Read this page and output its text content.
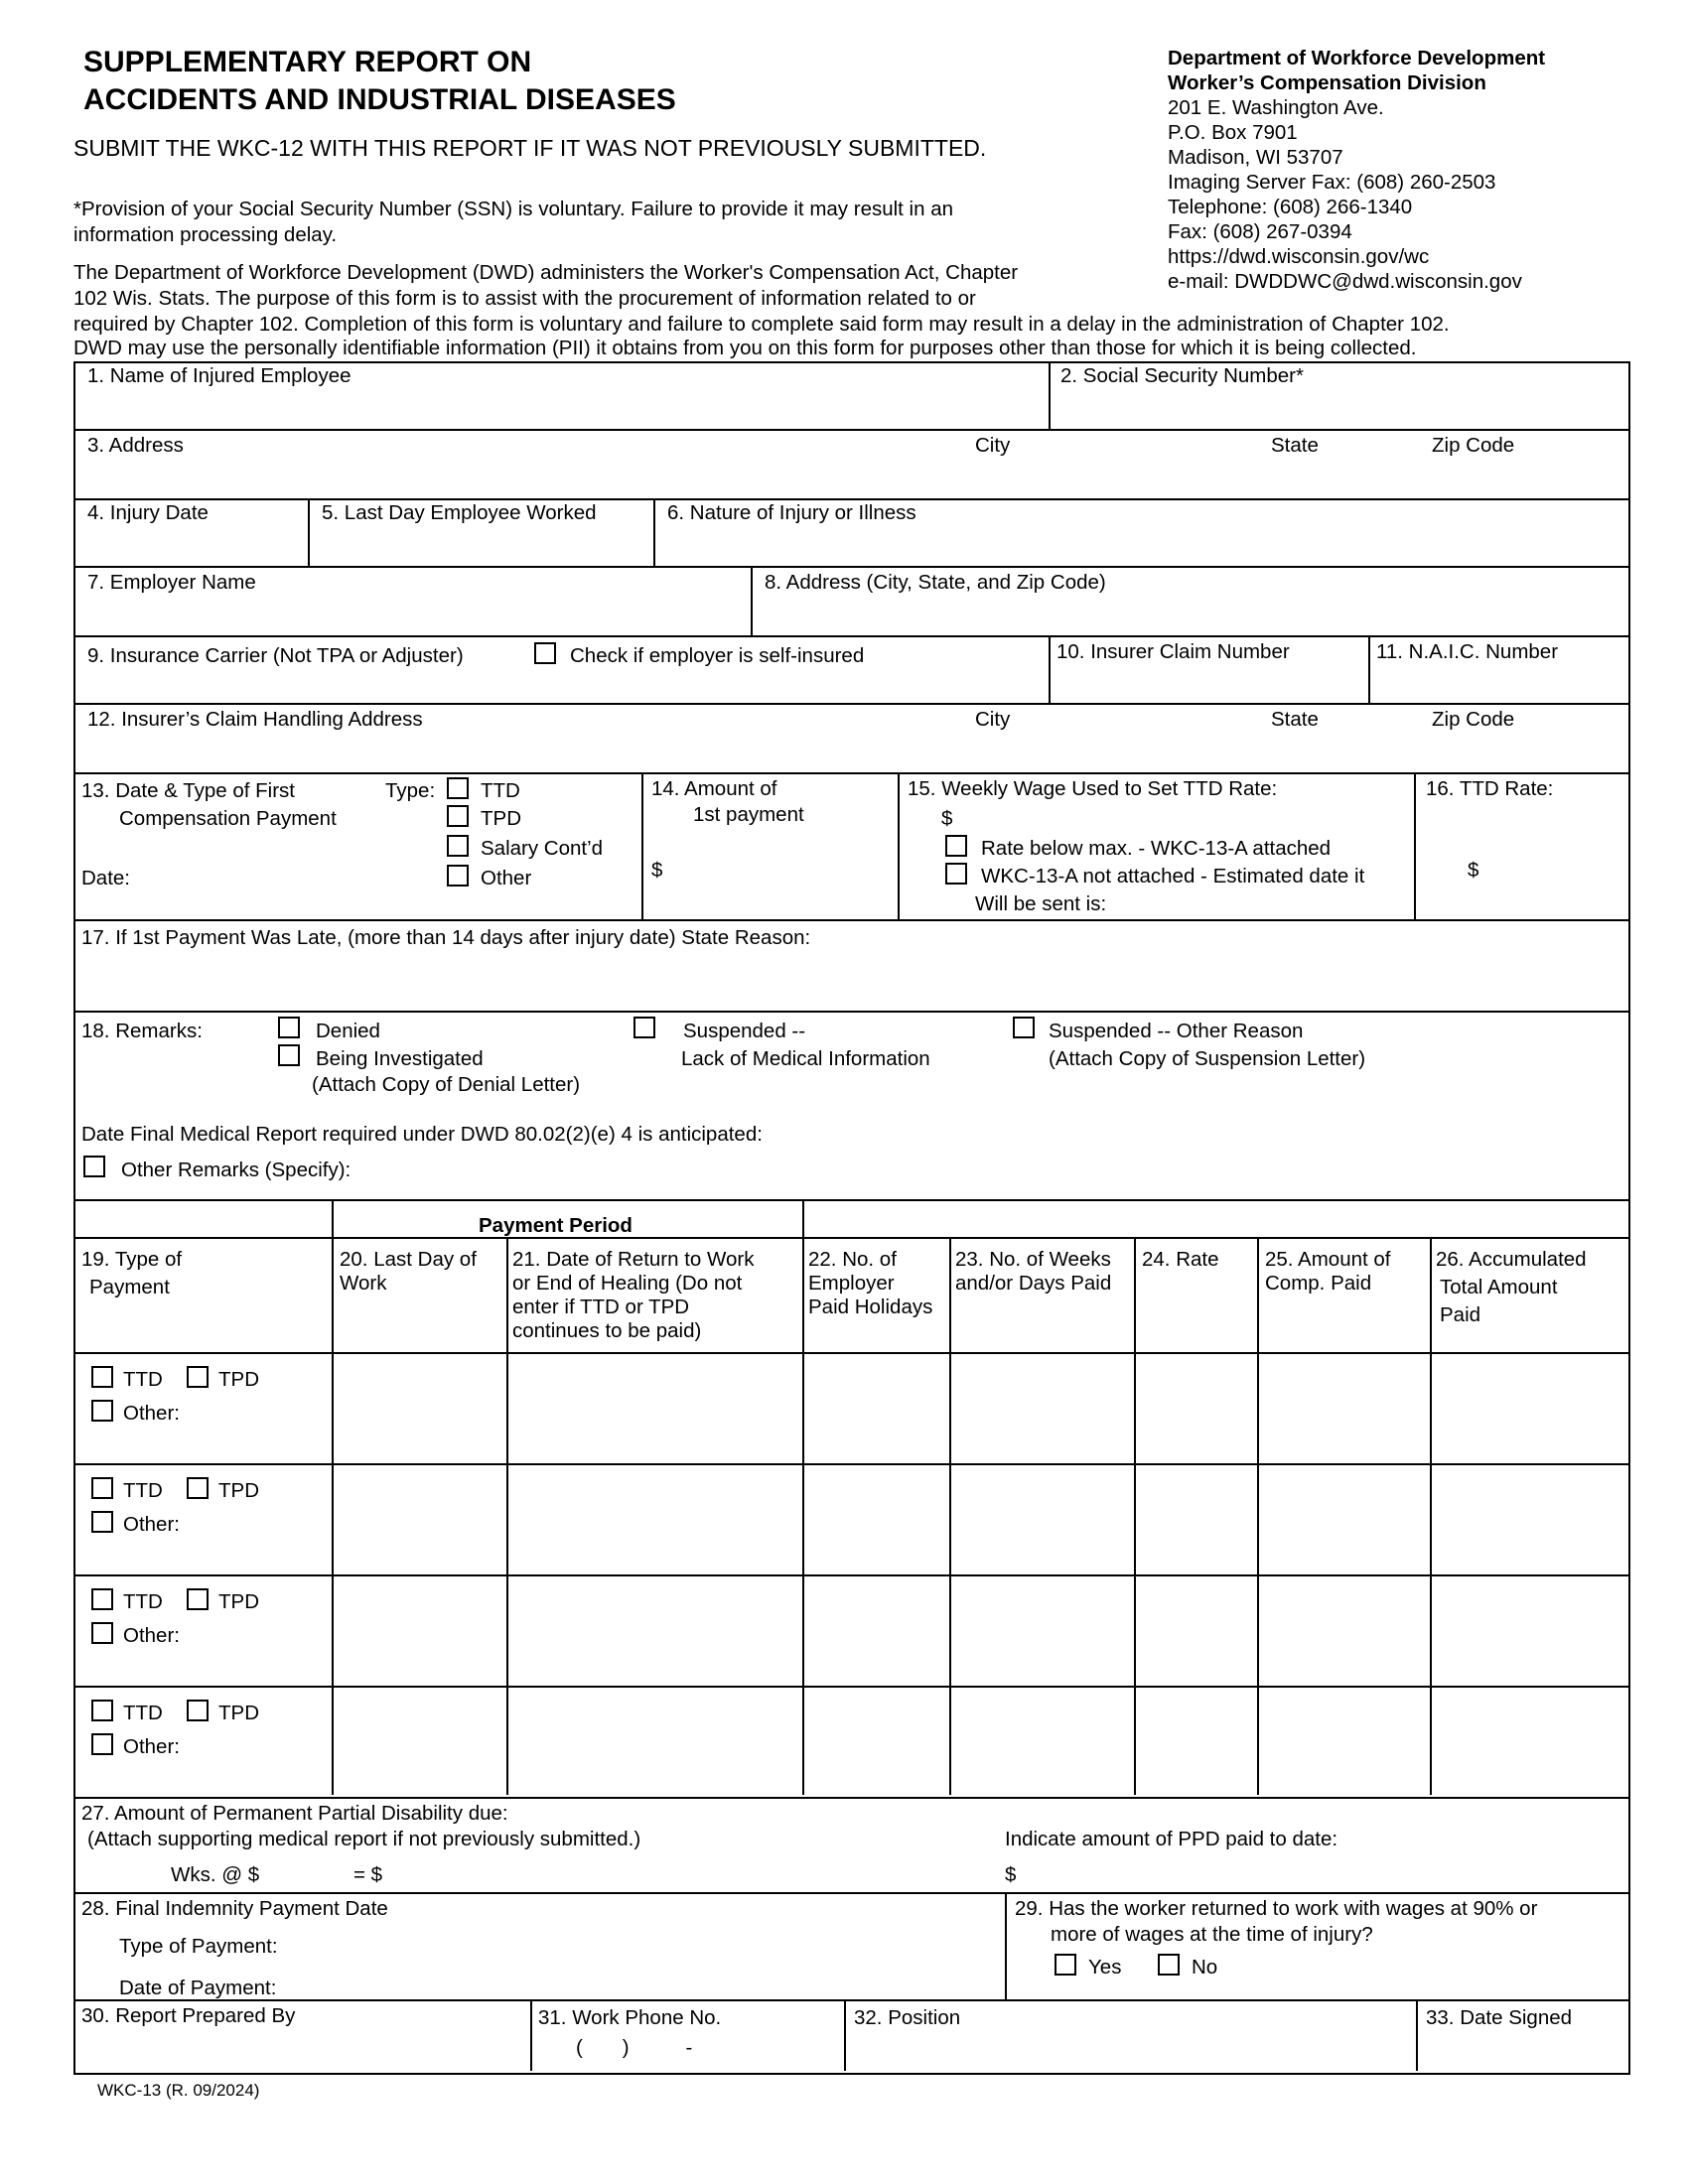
SUPPLEMENTARY REPORT ON
ACCIDENTS AND INDUSTRIAL DISEASES
SUBMIT THE WKC-12 WITH THIS REPORT IF IT WAS NOT PREVIOUSLY SUBMITTED.
*Provision of your Social Security Number (SSN) is voluntary. Failure to provide it may result in an
information processing delay.
The Department of Workforce Development (DWD) administers the Worker's Compensation Act, Chapter
102 Wis. Stats. The purpose of this form is to assist with the procurement of information related to or
required by Chapter 102. Completion of this form is voluntary and failure to complete said form may result in a delay in the administration of Chapter 102.
DWD may use the personally identifiable information (PII) it obtains from you on this form for purposes other than those for which it is being collected.
Department of Workforce Development
Worker’s Compensation Division
201 E. Washington Ave.
P.O. Box 7901
Madison, WI 53707
Imaging Server Fax: (608) 260-2503
Telephone: (608) 266-1340
Fax: (608) 267-0394
https://dwd.wisconsin.gov/wc
e-mail: DWDDWC@dwd.wisconsin.gov
1. Name of Injured Employee	2. Social Security Number*
3. Address	City	State	Zip Code
4. Injury Date	5. Last Day Employee Worked	6. Nature of Injury or Illness
7. Employer Name	8. Address (City, State, and Zip Code)
9. Insurance Carrier (Not TPA or Adjuster)	Check if employer is self-insured	10. Insurer Claim Number	11. N.A.I.C. Number
12. Insurer’s Claim Handling Address	City	State	Zip Code
13. Date & Type of First
Compensation Payment
Date:
Type: TTD
TPD
Salary Cont’d
Other
14. Amount of
1st payment
$
15. Weekly Wage Used to Set TTD Rate:
$
Rate below max. - WKC-13-A attached
WKC-13-A not attached - Estimated date it
Will be sent is:
16. TTD Rate:
$
17. If 1st Payment Was Late, (more than 14 days after injury date) State Reason:
18. Remarks:	Denied
Being Investigated
(Attach Copy of Denial Letter)
Suspended --
Lack of Medical Information
Suspended -- Other Reason
(Attach Copy of Suspension Letter)
Date Final Medical Report required under DWD 80.02(2)(e) 4 is anticipated:
Other Remarks (Specify):
Payment Period
19. Type of
Payment
20. Last Day of
Work
21. Date of Return to Work
or End of Healing (Do not
enter if TTD or TPD
continues to be paid)
22. No. of
Employer
Paid Holidays
23. No. of Weeks
and/or Days Paid
24. Rate 25. Amount of
Comp. Paid
26. Accumulated
Total Amount
Paid
TTD	TPD
Other:
TTD	TPD
Other:
TTD	TPD
Other:
TTD	TPD
Other:
27. Amount of Permanent Partial Disability due:
(Attach supporting medical report if not previously submitted.)
Wks. @ $	= $
Indicate amount of PPD paid to date:
$
28. Final Indemnity Payment Date
Type of Payment:
Date of Payment:
29. Has the worker returned to work with wages at 90% or
more of wages at the time of injury?
Yes	No
30. Report Prepared By	31. Work Phone No.
(       )          -
32. Position	33. Date Signed
WKC-13 (R. 09/2024)
